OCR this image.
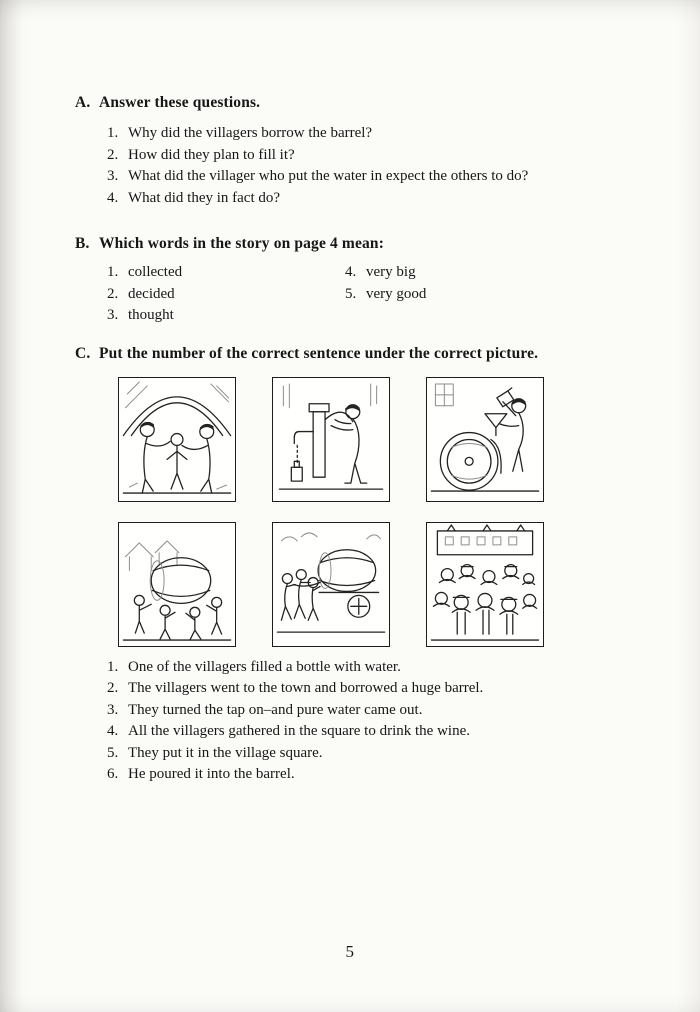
A. Answer these questions.
1. Why did the villagers borrow the barrel?
2. How did they plan to fill it?
3. What did the villager who put the water in expect the others to do?
4. What did they in fact do?
B. Which words in the story on page 4 mean:
1. collected
2. decided
3. thought
4. very big
5. very good
C. Put the number of the correct sentence under the correct picture.
1. One of the villagers filled a bottle with water.
2. The villagers went to the town and borrowed a huge barrel.
3. They turned the tap on–and pure water came out.
4. All the villagers gathered in the square to drink the wine.
5. They put it in the village square.
6. He poured it into the barrel.
5
